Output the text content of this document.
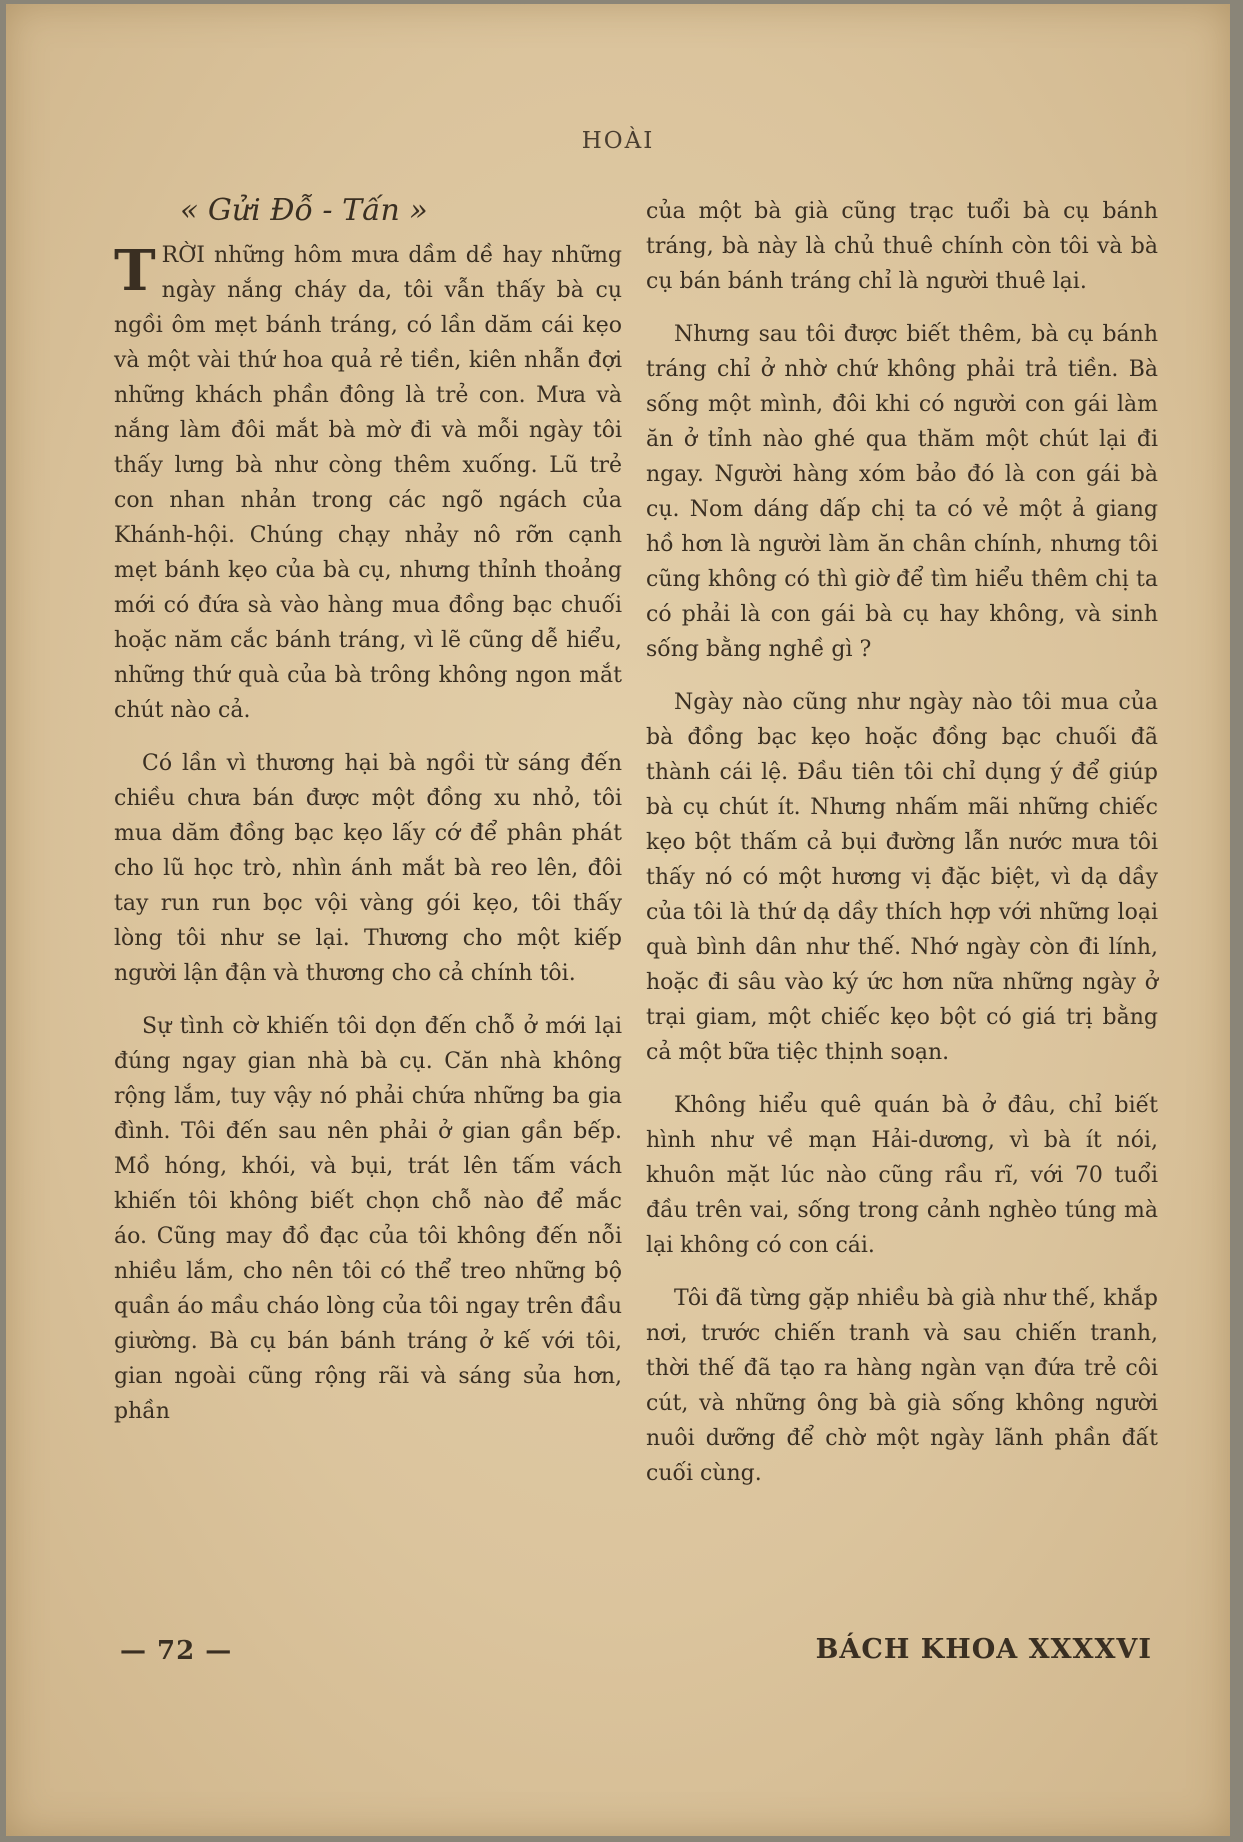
HOÀI
« Gửi Đỗ - Tấn »

TRỜI những hôm mưa dầm dề hay những ngày nắng cháy da, tôi vẫn thấy bà cụ ngồi ôm mẹt bánh tráng, có lần dăm cái kẹo và một vài thứ hoa quả rẻ tiền, kiên nhẫn đợi những khách phần đông là trẻ con. Mưa và nắng làm đôi mắt bà mờ đi và mỗi ngày tôi thấy lưng bà như còng thêm xuống. Lũ trẻ con nhan nhản trong các ngõ ngách của Khánh-hội. Chúng chạy nhảy nô rỡn cạnh mẹt bánh kẹo của bà cụ, nhưng thỉnh thoảng mới có đứa sà vào hàng mua đồng bạc chuối hoặc năm cắc bánh tráng, vì lẽ cũng dễ hiểu, những thứ quà của bà trông không ngon mắt chút nào cả.

Có lần vì thương hại bà ngồi từ sáng đến chiều chưa bán được một đồng xu nhỏ, tôi mua dăm đồng bạc kẹo lấy cớ để phân phát cho lũ học trò, nhìn ánh mắt bà reo lên, đôi tay run run bọc vội vàng gói kẹo, tôi thấy lòng tôi như se lại. Thương cho một kiếp người lận đận và thương cho cả chính tôi.

Sự tình cờ khiến tôi dọn đến chỗ ở mới lại đúng ngay gian nhà bà cụ. Căn nhà không rộng lắm, tuy vậy nó phải chứa những ba gia đình. Tôi đến sau nên phải ở gian gần bếp. Mồ hóng, khói, và bụi, trát lên tấm vách khiến tôi không biết chọn chỗ nào để mắc áo. Cũng may đồ đạc của tôi không đến nỗi nhiều lắm, cho nên tôi có thể treo những bộ quần áo mầu cháo lòng của tôi ngay trên đầu giường. Bà cụ bán bánh tráng ở kế với tôi, gian ngoài cũng rộng rãi và sáng sủa hơn, phần

của một bà già cũng trạc tuổi bà cụ bánh tráng, bà này là chủ thuê chính còn tôi và bà cụ bán bánh tráng chỉ là người thuê lại.

Nhưng sau tôi được biết thêm, bà cụ bánh tráng chỉ ở nhờ chứ không phải trả tiền. Bà sống một mình, đôi khi có người con gái làm ăn ở tỉnh nào ghé qua thăm một chút lại đi ngay. Người hàng xóm bảo đó là con gái bà cụ. Nom dáng dấp chị ta có vẻ một ả giang hồ hơn là người làm ăn chân chính, nhưng tôi cũng không có thì giờ để tìm hiểu thêm chị ta có phải là con gái bà cụ hay không, và sinh sống bằng nghề gì ?

Ngày nào cũng như ngày nào tôi mua của bà đồng bạc kẹo hoặc đồng bạc chuối đã thành cái lệ. Đầu tiên tôi chỉ dụng ý để giúp bà cụ chút ít. Nhưng nhấm mãi những chiếc kẹo bột thấm cả bụi đường lẫn nước mưa tôi thấy nó có một hương vị đặc biệt, vì dạ dầy của tôi là thứ dạ dầy thích hợp với những loại quà bình dân như thế. Nhớ ngày còn đi lính, hoặc đi sâu vào ký ức hơn nữa những ngày ở trại giam, một chiếc kẹo bột có giá trị bằng cả một bữa tiệc thịnh soạn.

Không hiểu quê quán bà ở đâu, chỉ biết hình như về mạn Hải-dương, vì bà ít nói, khuôn mặt lúc nào cũng rầu rĩ, với 70 tuổi đầu trên vai, sống trong cảnh nghèo túng mà lại không có con cái.

Tôi đã từng gặp nhiều bà già như thế, khắp nơi, trước chiến tranh và sau chiến tranh, thời thế đã tạo ra hàng ngàn vạn đứa trẻ côi cút, và những ông bà già sống không người nuôi dưỡng để chờ một ngày lãnh phần đất cuối cùng.

— 72 —	BÁCH KHOA XXXXVI
